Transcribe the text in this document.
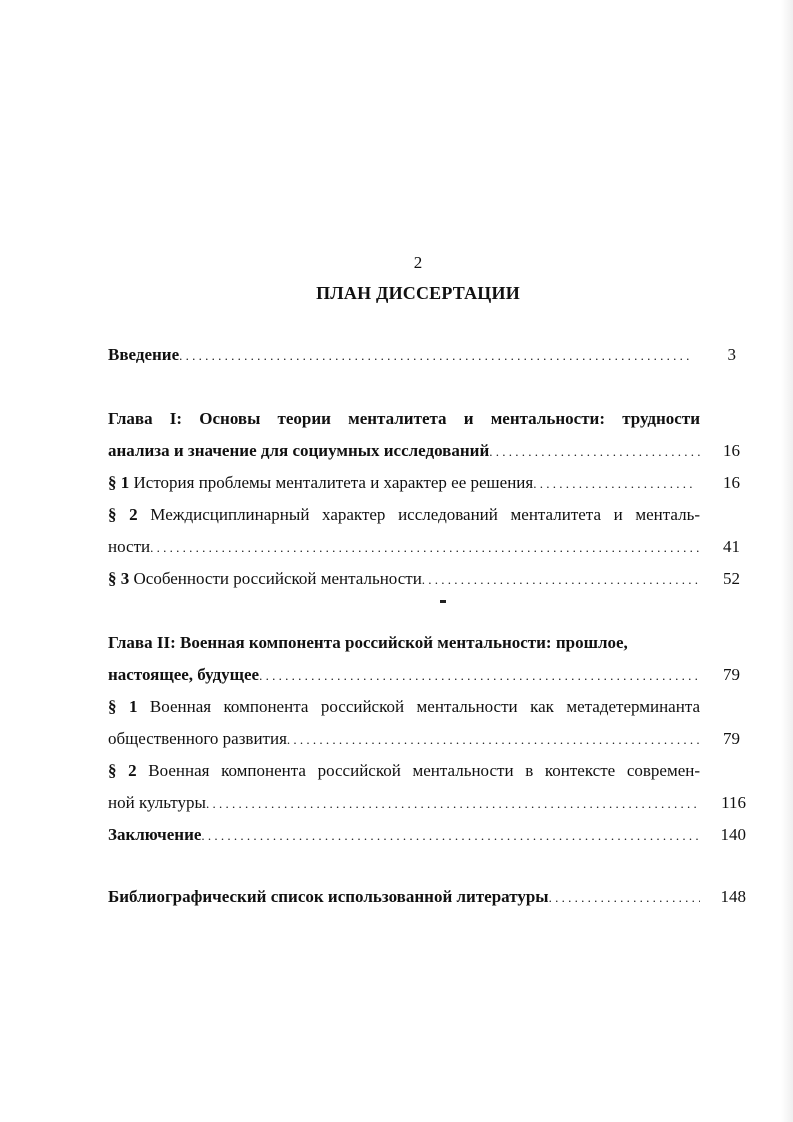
2
ПЛАН ДИССЕРТАЦИИ
Введение . . .	3
Глава I: Основы теории менталитета и ментальности: трудности
анализа и значение для социумных исследований . . .	16
§ 1 История проблемы менталитета и характер ее решения . . .	16
§ 2 Междисциплинарный характер исследований менталитета и менталь-
ности . . .	41
§ 3 Особенности российской ментальности . . .	52
Глава II: Военная компонента российской ментальности: прошлое,
настоящее, будущее . . .	79
§ 1 Военная компонента российской ментальности как метадетерминанта
общественного развития . . .	79
§ 2 Военная компонента российской ментальности в контексте современ-
ной культуры . . .	116
Заключение . . .	140
Библиографический список использованной литературы . . .	148
